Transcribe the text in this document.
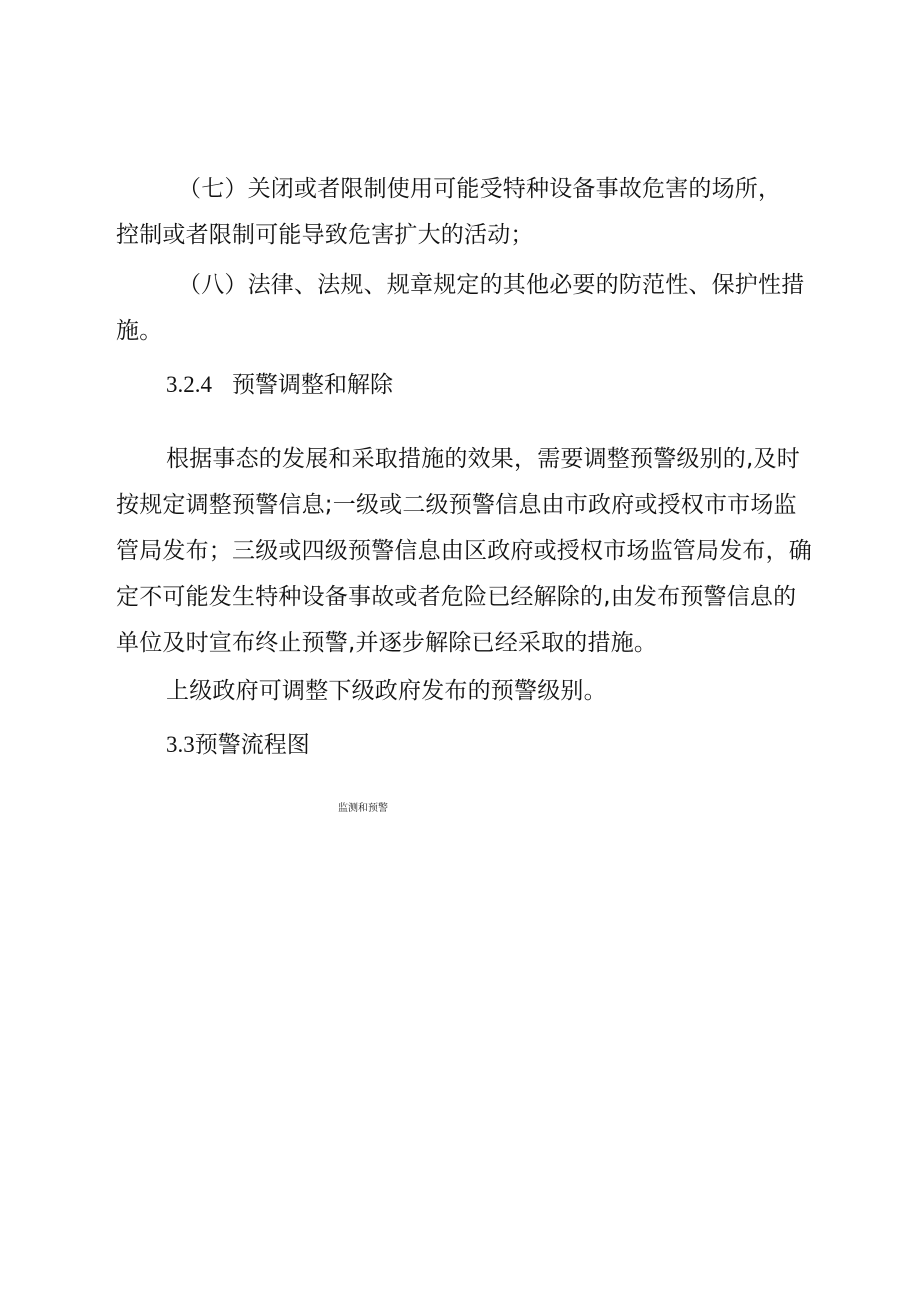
（七）关闭或者限制使用可能受特种设备事故危害的场所，
控制或者限制可能导致危害扩大的活动；
（八）法律、法规、规章规定的其他必要的防范性、保护性措
施。
3.2.4 预警调整和解除
根据事态的发展和采取措施的效果，需要调整预警级别的,及时
按规定调整预警信息;一级或二级预警信息由市政府或授权市市场监
管局发布；三级或四级预警信息由区政府或授权市场监管局发布，确
定不可能发生特种设备事故或者危险已经解除的,由发布预警信息的
单位及时宣布终止预警,并逐步解除已经采取的措施。
上级政府可调整下级政府发布的预警级别。
3.3预警流程图
监测和预警
